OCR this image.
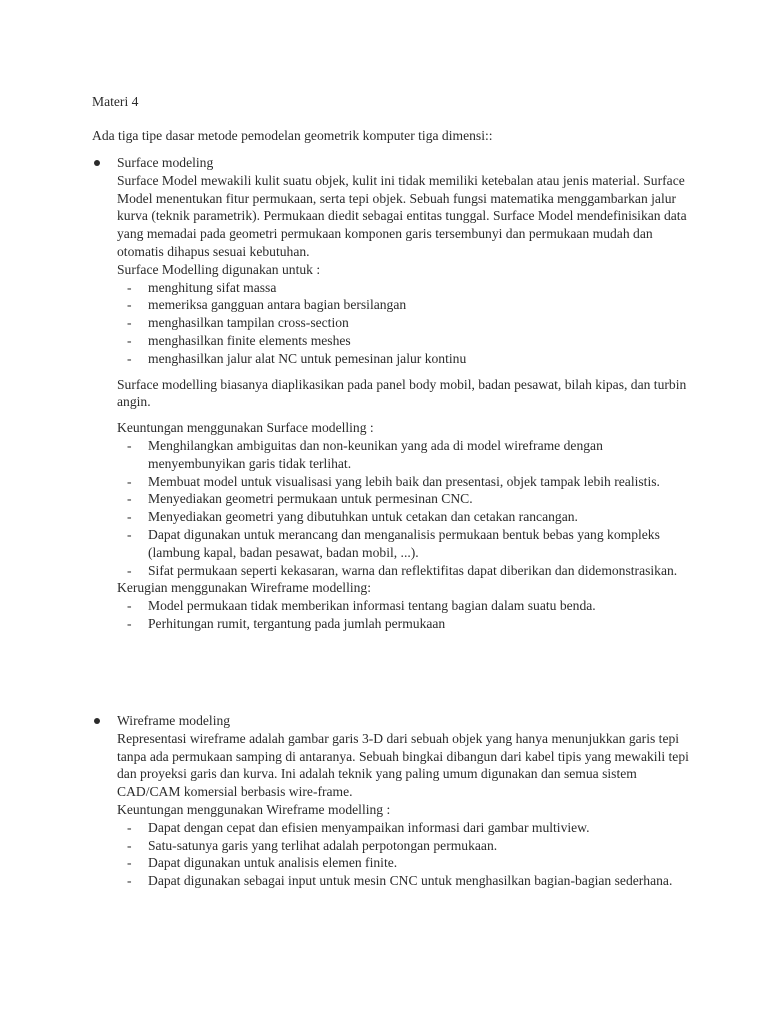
Materi 4
Ada tiga tipe dasar metode pemodelan geometrik komputer tiga dimensi::

Surface modeling

Surface Model mewakili kulit suatu objek, kulit ini tidak memiliki ketebalan atau jenis material. Surface Model menentukan fitur permukaan, serta tepi objek. Sebuah fungsi matematika menggambarkan jalur kurva (teknik parametrik). Permukaan diedit sebagai entitas tunggal. Surface Model mendefinisikan data yang memadai pada geometri permukaan komponen garis tersembunyi dan permukaan mudah dan otomatis dihapus sesuai kebutuhan.

Surface Modelling digunakan untuk :

- menghitung sifat massa
- memeriksa gangguan antara bagian bersilangan
- menghasilkan tampilan cross-section
- menghasilkan finite elements meshes
- menghasilkan jalur alat NC untuk pemesinan jalur kontinu

Surface modelling biasanya diaplikasikan pada panel body mobil, badan pesawat, bilah kipas, dan turbin angin.

Keuntungan menggunakan Surface modelling :

- Menghilangkan ambiguitas dan non-keunikan yang ada di model wireframe dengan menyembunyikan garis tidak terlihat.
- Membuat model untuk visualisasi yang lebih baik dan presentasi, objek tampak lebih realistis.
- Menyediakan geometri permukaan untuk permesinan CNC.
- Menyediakan geometri yang dibutuhkan untuk cetakan dan cetakan rancangan.
- Dapat digunakan untuk merancang dan menganalisis permukaan bentuk bebas yang kompleks (lambung kapal, badan pesawat, badan mobil, ...).
- Sifat permukaan seperti kekasaran, warna dan reflektifitas dapat diberikan dan didemonstrasikan.

Kerugian menggunakan Wireframe modelling:

- Model permukaan tidak memberikan informasi tentang bagian dalam suatu benda.
- Perhitungan rumit, tergantung pada jumlah permukaan

Wireframe modeling

Representasi wireframe adalah gambar garis 3-D dari sebuah objek yang hanya menunjukkan garis tepi tanpa ada permukaan samping di antaranya. Sebuah bingkai dibangun dari kabel tipis yang mewakili tepi dan proyeksi garis dan kurva. Ini adalah teknik yang paling umum digunakan dan semua sistem CAD/CAM komersial berbasis wire-frame.

Keuntungan menggunakan Wireframe modelling :

- Dapat dengan cepat dan efisien menyampaikan informasi dari gambar multiview.
- Satu-satunya garis yang terlihat adalah perpotongan permukaan.
- Dapat digunakan untuk analisis elemen finite.
- Dapat digunakan sebagai input untuk mesin CNC untuk menghasilkan bagian-bagian sederhana.
